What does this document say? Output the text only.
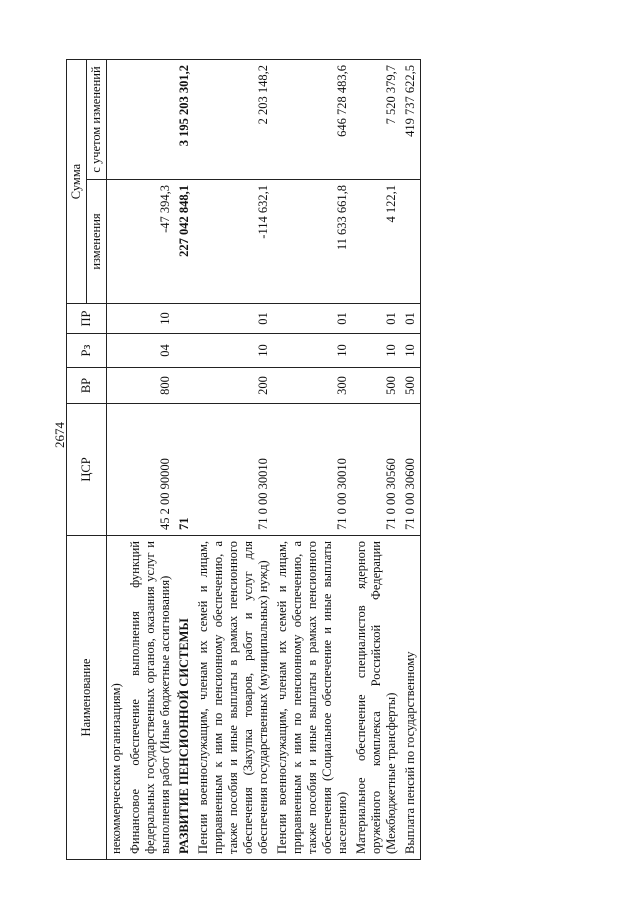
2674
Наименование	ЦСР	ВР	Рз	ПР	Сумма	
					изменения	с учетом изменений
некоммерческим организациям)						
Финансовое обеспечение выполнения функций федеральных государственных органов, оказания услуг и выполнения работ (Иные бюджетные ассигнования)	45 2 00 90000	800	04	10	-47 394,3	
РАЗВИТИЕ ПЕНСИОННОЙ СИСТЕМЫ	71				227 042 848,1	3 195 203 301,2
Пенсии военнослужащим, членам их семей и лицам, приравненным к ним по пенсионному обеспечению, а также пособия и иные выплаты в рамках пенсионного обеспечения (Закупка товаров, работ и услуг для обеспечения государственных (муниципальных) нужд)	71 0 00 30010	200	10	01	-114 632,1	2 203 148,2
Пенсии военнослужащим, членам их семей и лицам, приравненным к ним по пенсионному обеспечению, а также пособия и иные выплаты в рамках пенсионного обеспечения (Социальное обеспечение и иные выплаты населению)	71 0 00 30010	300	10	01	11 633 661,8	646 728 483,6
Материальное обеспечение специалистов ядерного оружейного комплекса Российской Федерации (Межбюджетные трансферты)	71 0 00 30560	500	10	01	4 122,1	7 520 379,7
Выплата пенсий по государственному	71 0 00 30600	500	10	01		419 737 622,5
